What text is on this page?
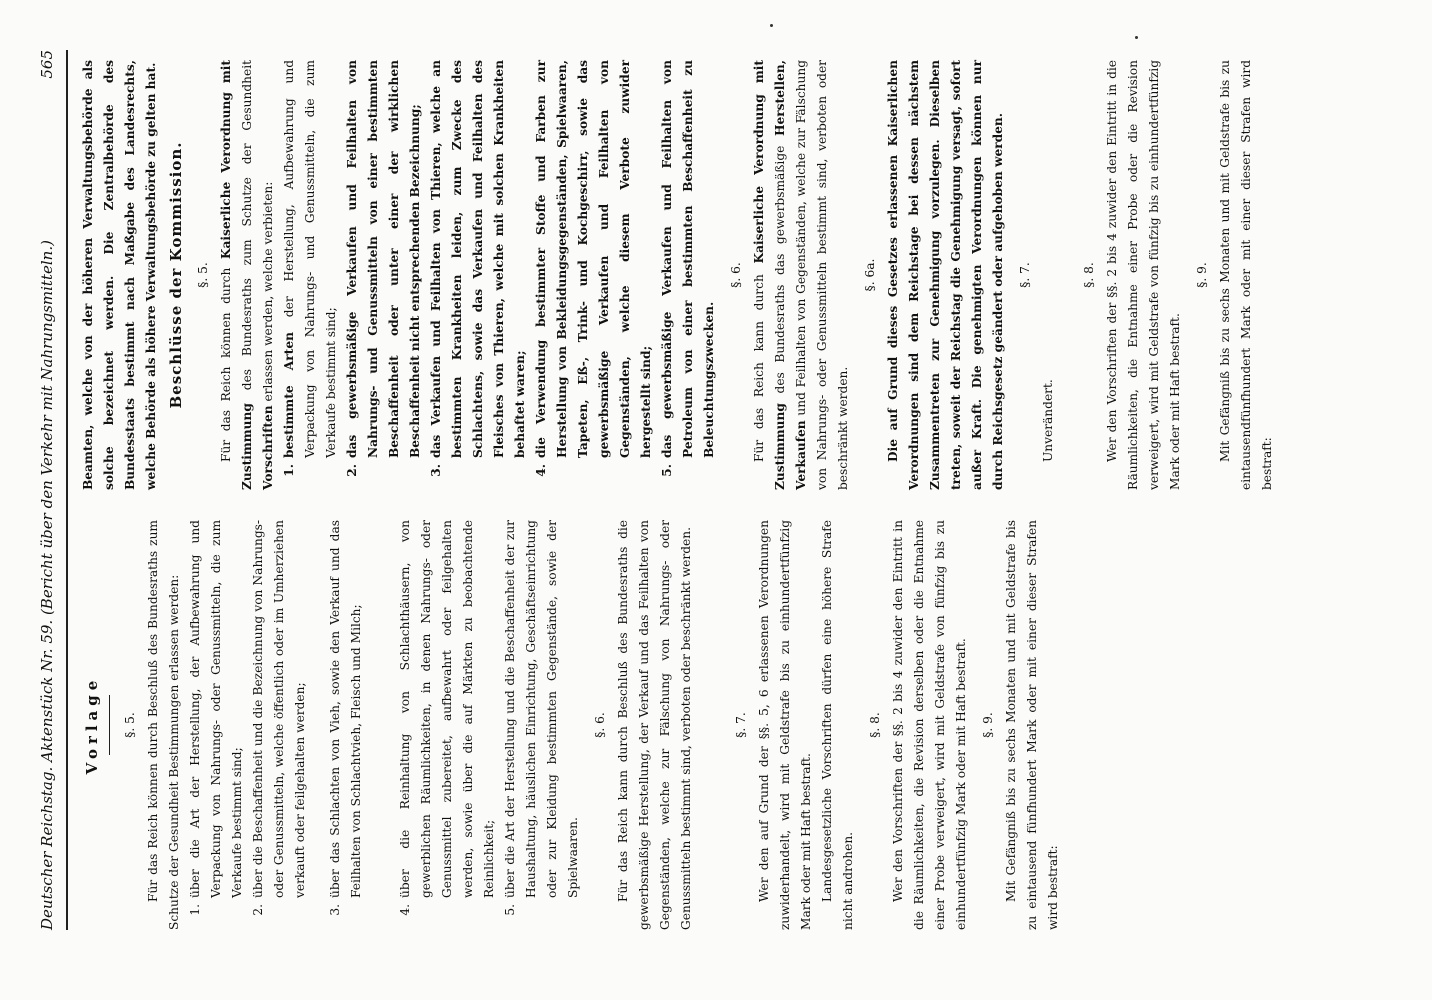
Deutscher Reichstag. Aktenstück Nr. 59. (Bericht über den Verkehr mit Nahrungsmitteln.)
565
Vorlage §. 5. Für das Reich können durch Beschluß des Bundesraths zum Schutze der Gesundheit Bestimmungen erlassen werden: 1.
über die Art der Herstellung, der Aufbewahrung und Verpackung von Nahrungs- oder Genussmitteln, die zum Verkaufe bestimmt sind;
2.
über die Beschaffenheit und die Bezeichnung von Nahrungs- oder Genussmitteln, welche öffentlich oder im Umherziehen verkauft oder feilgehalten werden;
3.
über das Schlachten von Vieh, sowie den Verkauf und das Feilhalten von Schlachtvieh, Fleisch und Milch;
4.
über die Reinhaltung von Schlachthäusern, von gewerblichen Räumlichkeiten, in denen Nahrungs- oder Genussmittel zubereitet, aufbewahrt oder feilgehalten werden, sowie über die auf Märkten zu beobachtende Reinlichkeit;
5.
über die Art der Herstellung und die Beschaffenheit der zur Haushaltung, häuslichen Einrichtung, Geschäftseinrichtung oder zur Kleidung bestimmten Gegenstände, sowie der Spielwaaren.
§. 6. Für das Reich kann durch Beschluß des Bundesraths die gewerbsmäßige Herstellung, der Verkauf und das Feilhalten von Gegenständen, welche zur Fälschung von Nahrungs- oder Genussmitteln bestimmt sind, verboten oder beschränkt werden.	§. 7. Wer den auf Grund der §§. 5, 6 erlassenen Verordnungen zuwiderhandelt, wird mit Geldstrafe bis zu einhundertfünfzig Mark oder mit Haft bestraft. Landesgesetzliche Vorschriften dürfen eine höhere Strafe nicht androhen.

§. 8. Wer den Vorschriften der §§. 2 bis 4 zuwider den Eintritt in die Räumlichkeiten, die Revision derselben oder die Entnahme einer Probe verweigert, wird mit Geldstrafe von fünfzig bis zu einhundertfünfzig Mark oder mit Haft bestraft.	§. 9. Mit Gefängniß bis zu sechs Monaten und mit Geldstrafe bis zu eintausend fünfhundert Mark oder mit einer dieser Strafen wird bestraft:

Beamten, welche von der höheren Verwaltungsbehörde als solche bezeichnet werden. Die Zentralbehörde des Bundesstaats bestimmt nach Maßgabe des Landesrechts, welche Behörde als höhere Verwaltungsbehörde zu gelten hat. Beschlüsse der Kommission. §. 5. Für das Reich können durch Kaiserliche Verordnung mit Zustimmung des Bundesraths zum Schutze der Gesundheit Vorschriften erlassen werden, welche verbieten:

1.
bestimmte Arten der Herstellung, Aufbewahrung und Verpackung von Nahrungs- und Genussmitteln, die zum Verkaufe bestimmt sind;
2.
das gewerbsmäßige Verkaufen und Feilhalten von Nahrungs- und Genussmitteln von einer bestimmten Beschaffenheit oder unter einer der wirklichen Beschaffenheit nicht entsprechenden Bezeichnung;
3.
das Verkaufen und Feilhalten von Thieren, welche an bestimmten Krankheiten leiden, zum Zwecke des Schlachtens, sowie das Verkaufen und Feilhalten des Fleisches von Thieren, welche mit solchen Krankheiten behaftet waren;
4.
die Verwendung bestimmter Stoffe und Farben zur Herstellung von Bekleidungsgegenständen, Spielwaaren, Tapeten, Eß-, Trink- und Kochgeschirr, sowie das gewerbsmäßige Verkaufen und Feilhalten von Gegenständen, welche diesem Verbote zuwider hergestellt sind;
5.
das gewerbsmäßige Verkaufen und Feilhalten von Petroleum von einer bestimmten Beschaffenheit zu Beleuchtungszwecken.
§. 6. Für das Reich kann durch Kaiserliche Verordnung mit Zustimmung des Bundesraths das gewerbsmäßige Herstellen, Verkaufen und Feilhalten von Gegenständen, welche zur Fälschung von Nahrungs- oder Genussmitteln bestimmt sind, verboten oder beschränkt werden.

§. 6a. Die auf Grund dieses Gesetzes erlassenen Kaiserlichen Verordnungen sind dem Reichstage bei dessen nächstem Zusammentreten zur Genehmigung vorzulegen. Dieselben treten, soweit der Reichstag die Genehmigung versagt, sofort außer Kraft. Die genehmigten Verordnungen können nur durch Reichsgesetz geändert oder aufgehoben werden.	§. 7.

Unverändert.

§. 8. Wer den Vorschriften der §§. 2 bis 4 zuwider den Eintritt in die Räumlichkeiten, die Entnahme einer Probe oder die Revision verweigert, wird mit Geldstrafe von fünfzig bis zu einhundertfünfzig Mark oder mit Haft bestraft.

§. 9. Mit Gefängniß bis zu sechs Monaten und mit Geldstrafe bis zu eintausendfünfhundert Mark oder mit einer dieser Strafen wird bestraft:
